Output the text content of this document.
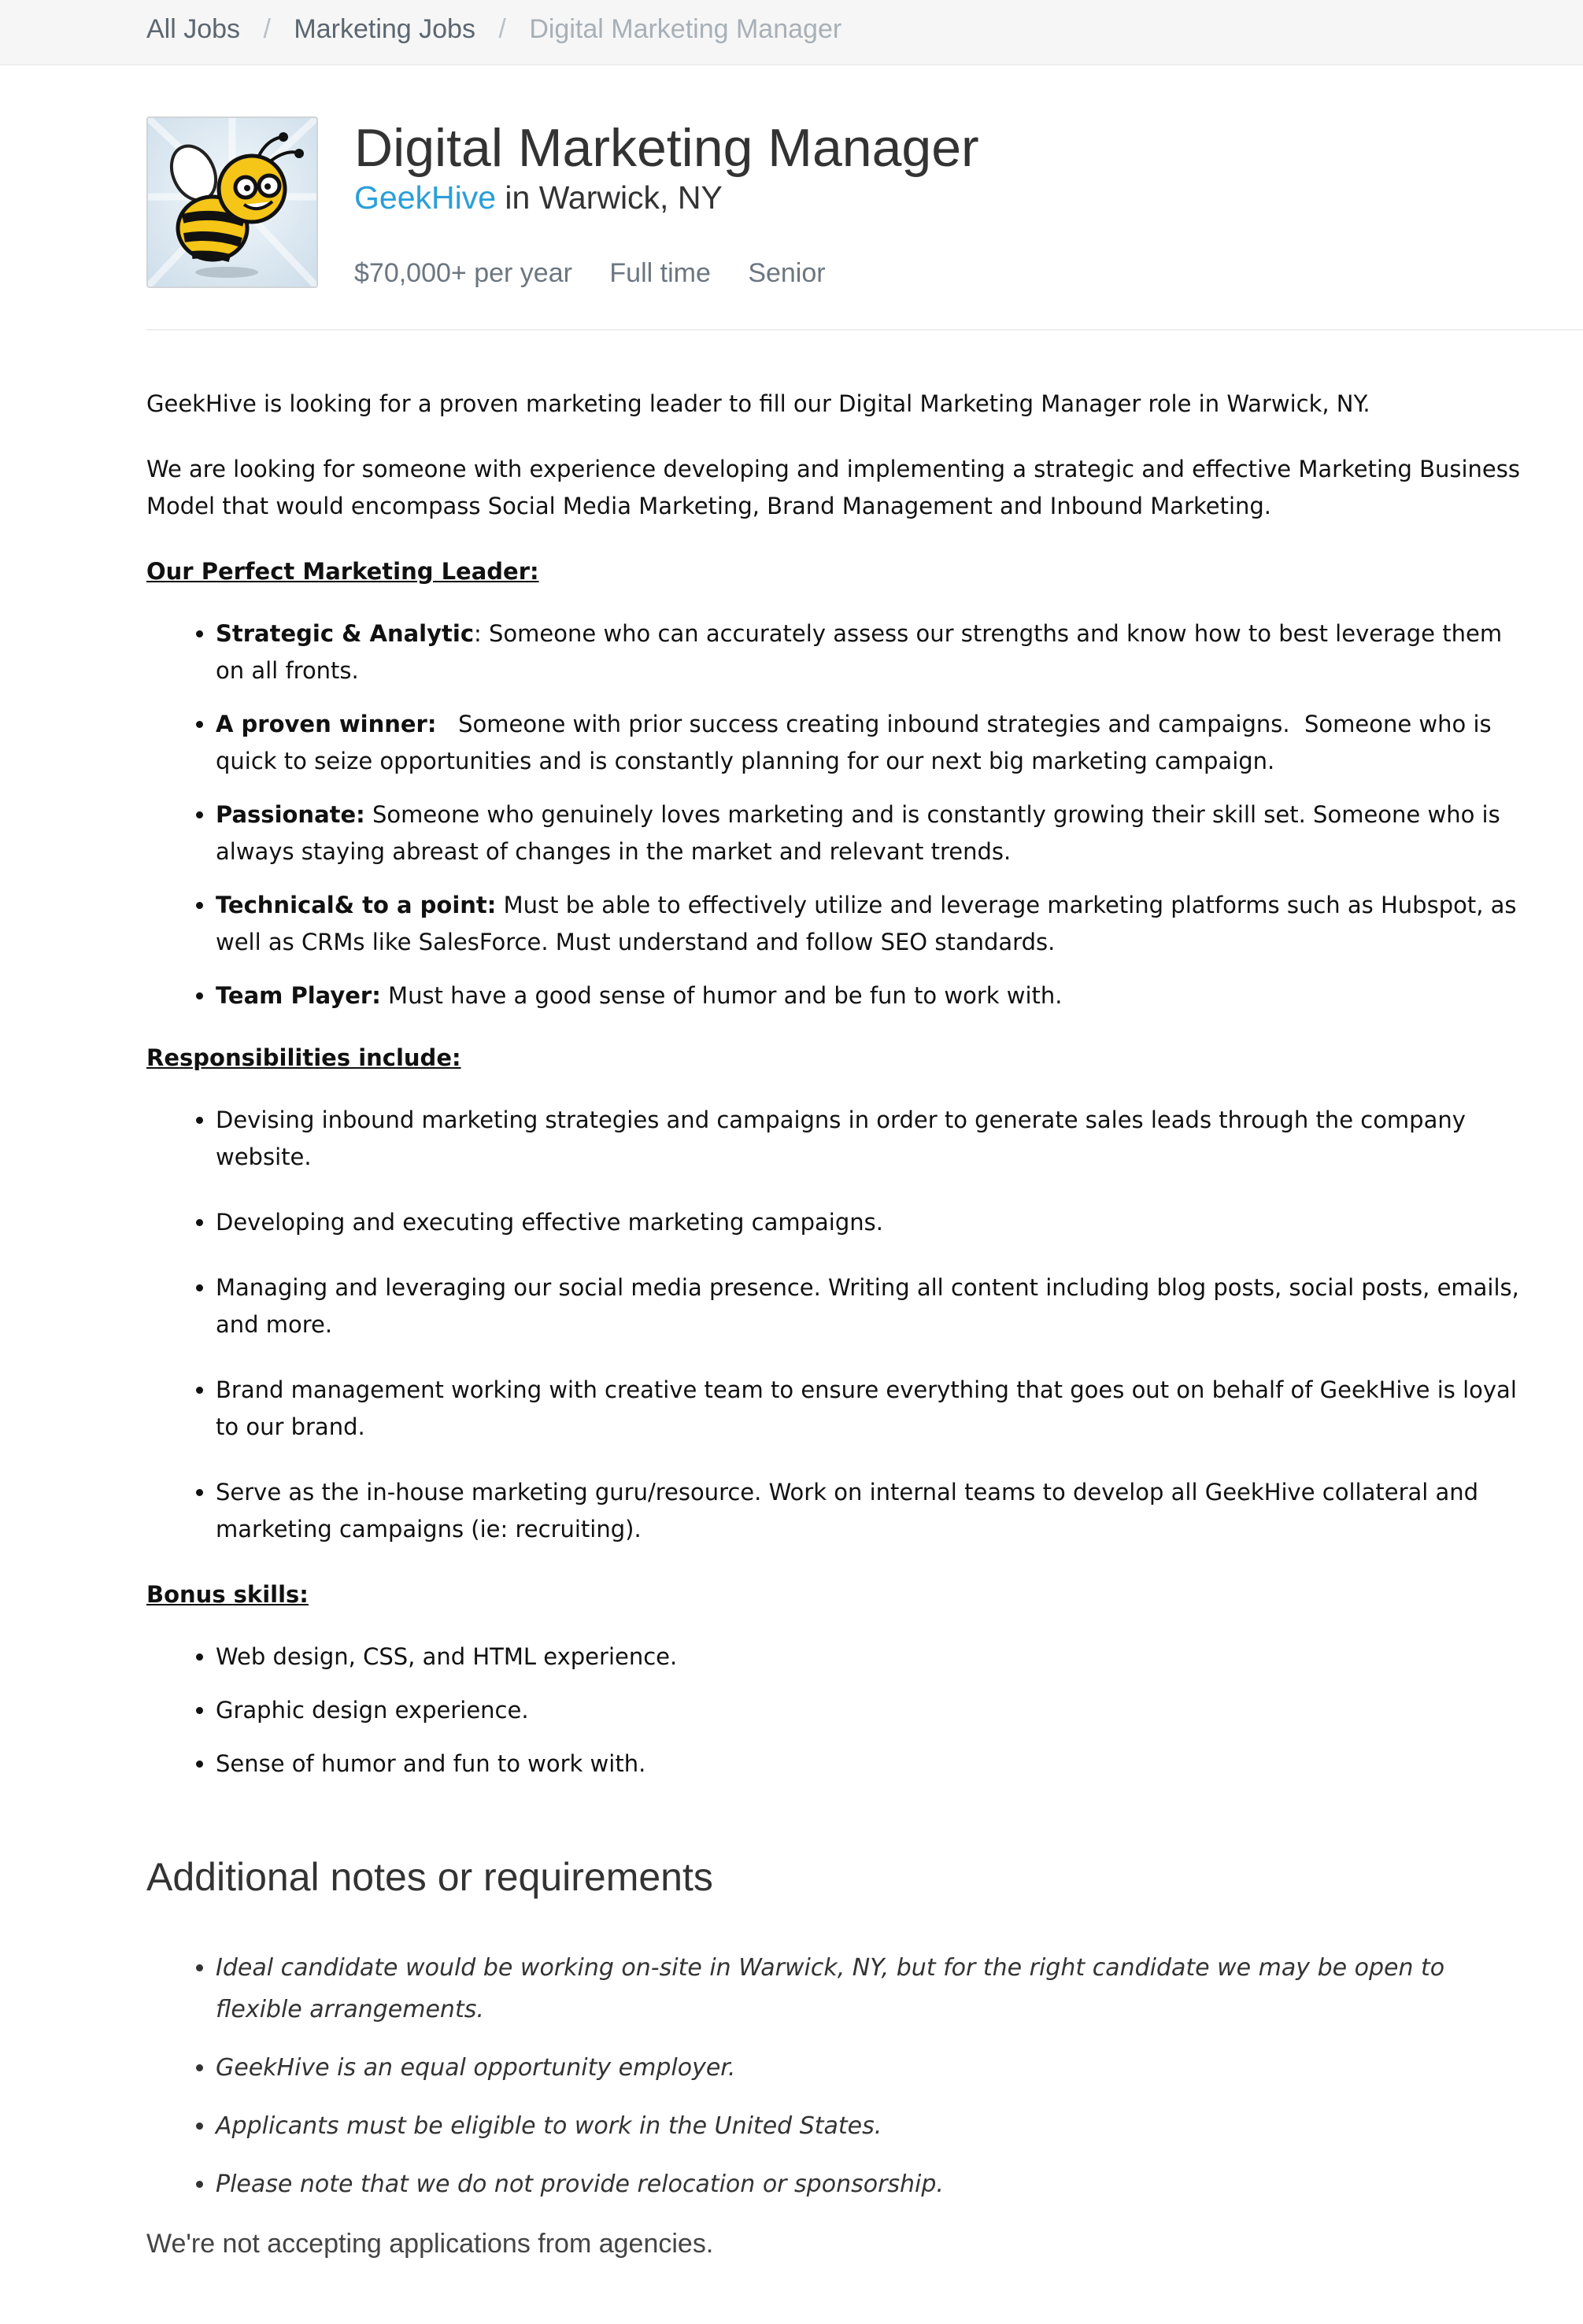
All Jobs / Marketing Jobs / Digital Marketing Manager
Digital Marketing Manager
GeekHive in Warwick, NY
$70,000+ per year Full time Senior

GeekHive is looking for a proven marketing leader to fill our Digital Marketing Manager role in Warwick, NY.

We are looking for someone with experience developing and implementing a strategic and effective Marketing Business Model that would encompass Social Media Marketing, Brand Management and Inbound Marketing.

Our Perfect Marketing Leader:
• Strategic & Analytic: Someone who can accurately assess our strengths and know how to best leverage them on all fronts.
• A proven winner:   Someone with prior success creating inbound strategies and campaigns.  Someone who is quick to seize opportunities and is constantly planning for our next big marketing campaign.
• Passionate: Someone who genuinely loves marketing and is constantly growing their skill set. Someone who is always staying abreast of changes in the market and relevant trends.
• Technical& to a point: Must be able to effectively utilize and leverage marketing platforms such as Hubspot, as well as CRMs like SalesForce. Must understand and follow SEO standards.
• Team Player: Must have a good sense of humor and be fun to work with.
Responsibilities include:
• Devising inbound marketing strategies and campaigns in order to generate sales leads through the company website.
• Developing and executing effective marketing campaigns.
• Managing and leveraging our social media presence. Writing all content including blog posts, social posts, emails, and more.
• Brand management working with creative team to ensure everything that goes out on behalf of GeekHive is loyal to our brand.
• Serve as the in-house marketing guru/resource. Work on internal teams to develop all GeekHive collateral and marketing campaigns (ie: recruiting).
Bonus skills:
• Web design, CSS, and HTML experience.
• Graphic design experience.
• Sense of humor and fun to work with.
Additional notes or requirements
• Ideal candidate would be working on-site in Warwick, NY, but for the right candidate we may be open to flexible arrangements.
• GeekHive is an equal opportunity employer.
• Applicants must be eligible to work in the United States.
• Please note that we do not provide relocation or sponsorship.
We're not accepting applications from agencies.
